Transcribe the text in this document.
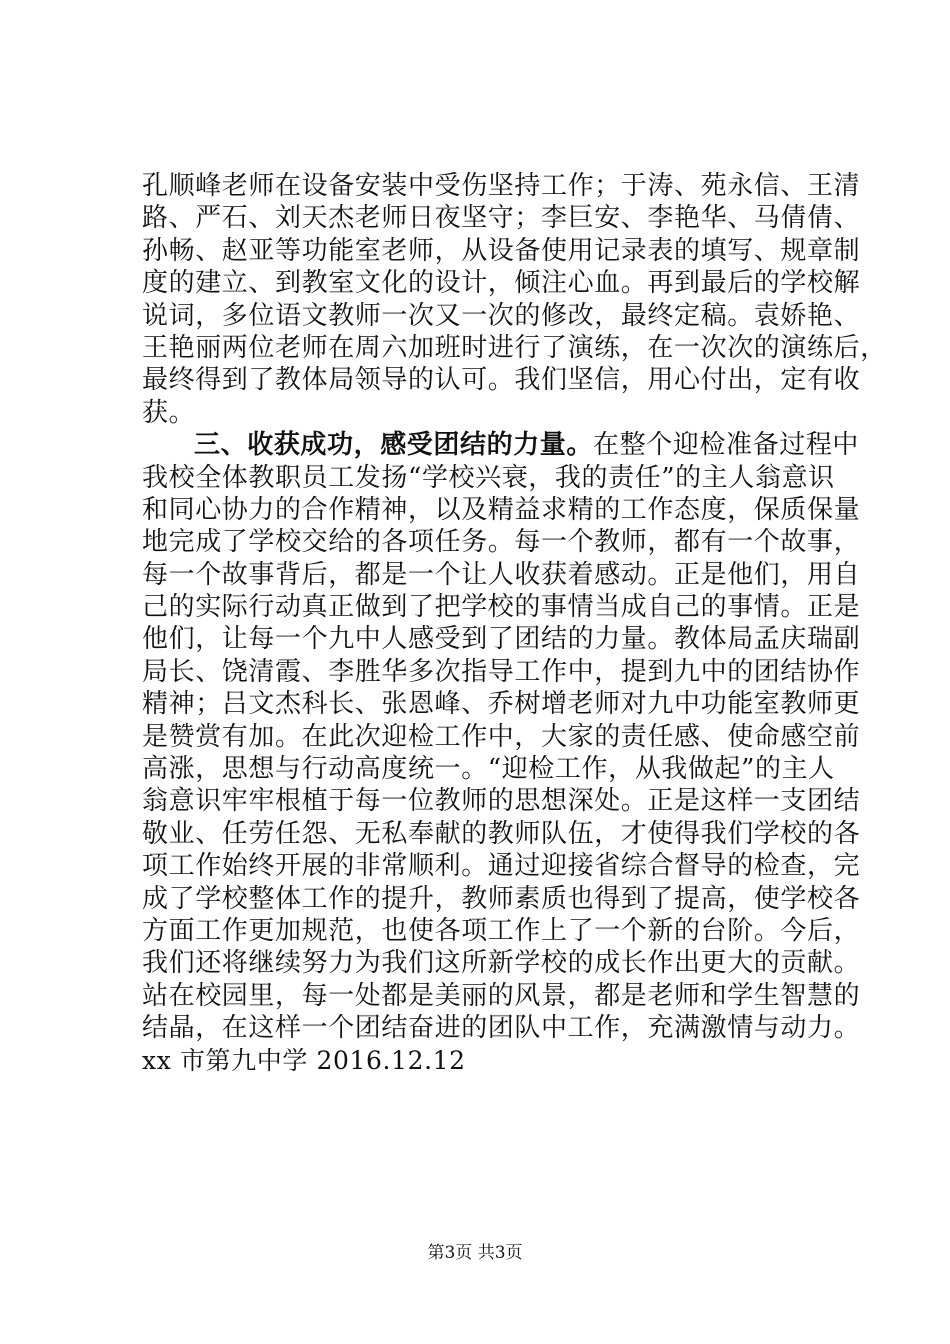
孔顺峰老师在设备安装中受伤坚持工作；于涛、苑永信、王清
路、严石、刘天杰老师日夜坚守；李巨安、李艳华、马倩倩、
孙畅、赵亚等功能室老师，从设备使用记录表的填写、规章制
度的建立、到教室文化的设计，倾注心血。再到最后的学校解
说词，多位语文教师一次又一次的修改，最终定稿。袁娇艳、
王艳丽两位老师在周六加班时进行了演练，在一次次的演练后，
最终得到了教体局领导的认可。我们坚信，用心付出，定有收
获。
三、收获成功，感受团结的力量。在整个迎检准备过程中
我校全体教职员工发扬“学校兴衰，我的责任”的主人翁意识
和同心协力的合作精神，以及精益求精的工作态度，保质保量
地完成了学校交给的各项任务。每一个教师，都有一个故事，
每一个故事背后，都是一个让人收获着感动。正是他们，用自
己的实际行动真正做到了把学校的事情当成自己的事情。正是
他们，让每一个九中人感受到了团结的力量。教体局孟庆瑞副
局长、饶清霞、李胜华多次指导工作中，提到九中的团结协作
精神；吕文杰科长、张恩峰、乔树增老师对九中功能室教师更
是赞赏有加。在此次迎检工作中，大家的责任感、使命感空前
高涨，思想与行动高度统一。“迎检工作，从我做起”的主人
翁意识牢牢根植于每一位教师的思想深处。正是这样一支团结
敬业、任劳任怨、无私奉献的教师队伍，才使得我们学校的各
项工作始终开展的非常顺利。通过迎接省综合督导的检查，完
成了学校整体工作的提升，教师素质也得到了提高，使学校各
方面工作更加规范，也使各项工作上了一个新的台阶。今后，
我们还将继续努力为我们这所新学校的成长作出更大的贡献。
站在校园里，每一处都是美丽的风景，都是老师和学生智慧的
结晶，在这样一个团结奋进的团队中工作，充满激情与动力。
xx 市第九中学 2016.12.12
第3页 共3页
